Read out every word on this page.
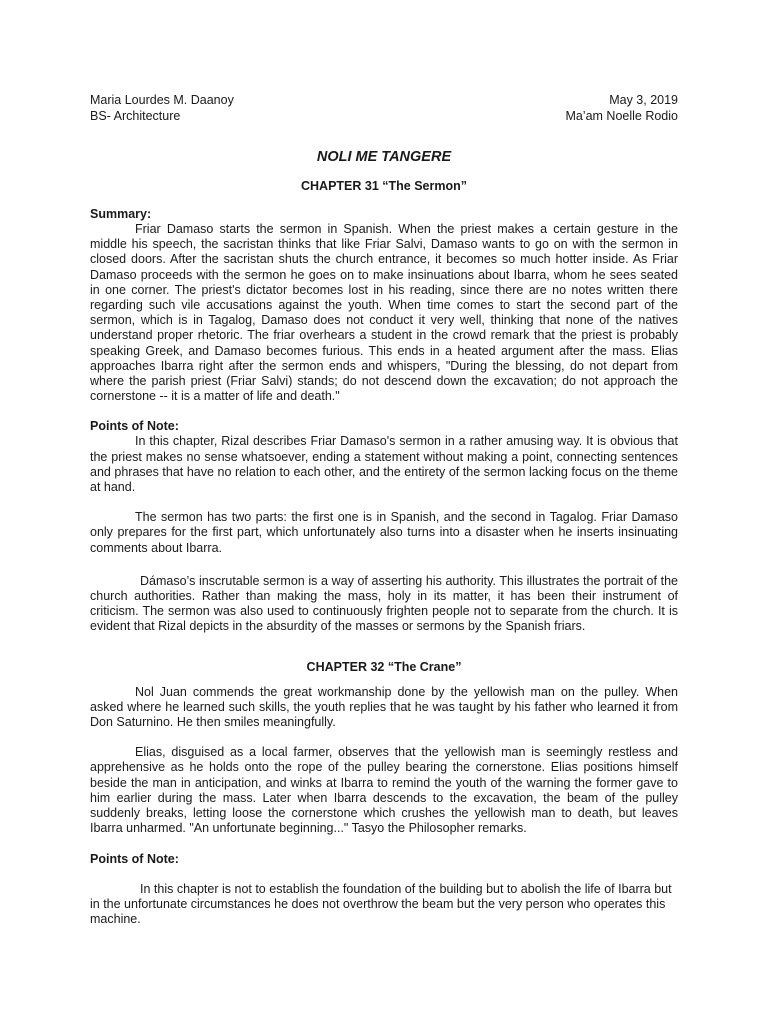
Maria Lourdes M. Daanoy
BS- Architecture
May 3, 2019
Ma’am Noelle Rodio
NOLI ME TANGERE
CHAPTER 31 “The Sermon”
Summary:

Friar Damaso starts the sermon in Spanish. When the priest makes a certain gesture in the middle his speech, the sacristan thinks that like Friar Salvi, Damaso wants to go on with the sermon in closed doors. After the sacristan shuts the church entrance, it becomes so much hotter inside. As Friar Damaso proceeds with the sermon he goes on to make insinuations about Ibarra, whom he sees seated in one corner. The priest's dictator becomes lost in his reading, since there are no notes written there regarding such vile accusations against the youth. When time comes to start the second part of the sermon, which is in Tagalog, Damaso does not conduct it very well, thinking that none of the natives understand proper rhetoric. The friar overhears a student in the crowd remark that the priest is probably speaking Greek, and Damaso becomes furious. This ends in a heated argument after the mass. Elias approaches Ibarra right after the sermon ends and whispers, "During the blessing, do not depart from where the parish priest (Friar Salvi) stands; do not descend down the excavation; do not approach the cornerstone -- it is a matter of life and death."

Points of Note:

In this chapter, Rizal describes Friar Damaso's sermon in a rather amusing way. It is obvious that the priest makes no sense whatsoever, ending a statement without making a point, connecting sentences and phrases that have no relation to each other, and the entirety of the sermon lacking focus on the theme at hand.

The sermon has two parts: the first one is in Spanish, and the second in Tagalog. Friar Damaso only prepares for the first part, which unfortunately also turns into a disaster when he inserts insinuating comments about Ibarra.

Dámaso’s inscrutable sermon is a way of asserting his authority. This illustrates the portrait of the church authorities. Rather than making the mass, holy in its matter, it has been their instrument of criticism. The sermon was also used to continuously frighten people not to separate from the church. It is evident that Rizal depicts in the absurdity of the masses or sermons by the Spanish friars.

CHAPTER 32 “The Crane”

Nol Juan commends the great workmanship done by the yellowish man on the pulley. When asked where he learned such skills, the youth replies that he was taught by his father who learned it from Don Saturnino. He then smiles meaningfully.

Elias, disguised as a local farmer, observes that the yellowish man is seemingly restless and apprehensive as he holds onto the rope of the pulley bearing the cornerstone. Elias positions himself beside the man in anticipation, and winks at Ibarra to remind the youth of the warning the former gave to him earlier during the mass. Later when Ibarra descends to the excavation, the beam of the pulley suddenly breaks, letting loose the cornerstone which crushes the yellowish man to death, but leaves Ibarra unharmed. "An unfortunate beginning..." Tasyo the Philosopher remarks.

Points of Note:

In this chapter is not to establish the foundation of the building but to abolish the life of Ibarra but in the unfortunate circumstances he does not overthrow the beam but the very person who operates this machine.
